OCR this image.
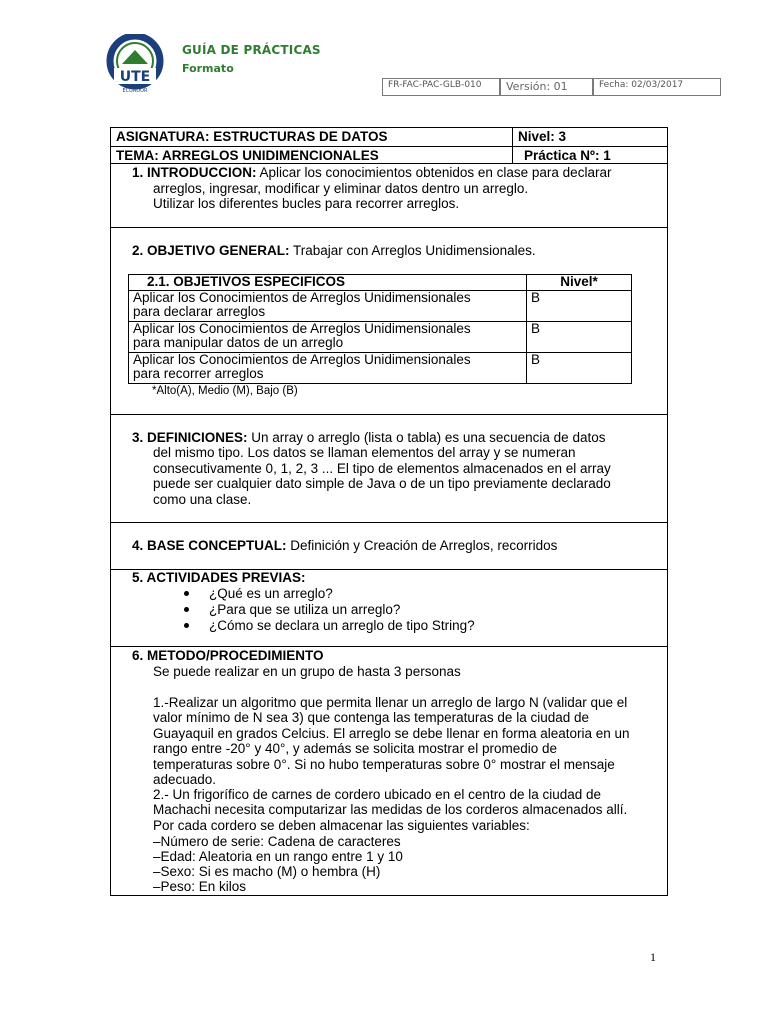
UTE
ECUADOR
GUÍA DE PRÁCTICAS
Formato
FR-FAC-PAC-GLB-010	Versión: 01	Fecha: 02/03/2017
ASIGNATURA: ESTRUCTURAS DE DATOS	Nivel: 3
TEMA: ARREGLOS UNIDIMENCIONALES	Práctica Nº: 1
1. INTRODUCCION: Aplicar los conocimientos obtenidos en clase para declarar
arreglos, ingresar, modificar y eliminar datos dentro un arreglo.
Utilizar los diferentes bucles para recorrer arreglos.
2. OBJETIVO GENERAL: Trabajar con Arreglos Unidimensionales.
2.1. OBJETIVOS ESPECIFICOS	Nivel*

Aplicar los Conocimientos de Arreglos Unidimensionales
para declarar arreglos	B

Aplicar los Conocimientos de Arreglos Unidimensionales
para manipular datos de un arreglo	B

Aplicar los Conocimientos de Arreglos Unidimensionales
para recorrer arreglos	B
*Alto(A), Medio (M), Bajo (B)
3. DEFINICIONES: Un array o arreglo (lista o tabla) es una secuencia de datos
del mismo tipo. Los datos se llaman elementos del array y se numeran
consecutivamente 0, 1, 2, 3 ... El tipo de elementos almacenados en el array
puede ser cualquier dato simple de Java o de un tipo previamente declarado
como una clase.
4. BASE CONCEPTUAL: Definición y Creación de Arreglos, recorridos
5. ACTIVIDADES PREVIAS:
¿Qué es un arreglo?
¿Para que se utiliza un arreglo?
¿Cómo se declara un arreglo de tipo String?
6. METODO/PROCEDIMIENTO
Se puede realizar en un grupo de hasta 3 personas
1.-Realizar un algoritmo que permita llenar un arreglo de largo N (validar que el
valor mínimo de N sea 3) que contenga las temperaturas de la ciudad de
Guayaquil en grados Celcius. El arreglo se debe llenar en forma aleatoria en un
rango entre -20° y 40°, y además se solicita mostrar el promedio de
temperaturas sobre 0°. Si no hubo temperaturas sobre 0° mostrar el mensaje
adecuado.
2.- Un frigorífico de carnes de cordero ubicado en el centro de la ciudad de
Machachi necesita computarizar las medidas de los corderos almacenados allí.
Por cada cordero se deben almacenar las siguientes variables:
–Número de serie: Cadena de caracteres
–Edad: Aleatoria en un rango entre 1 y 10
–Sexo: Si es macho (M) o hembra (H)
–Peso: En kilos
1
